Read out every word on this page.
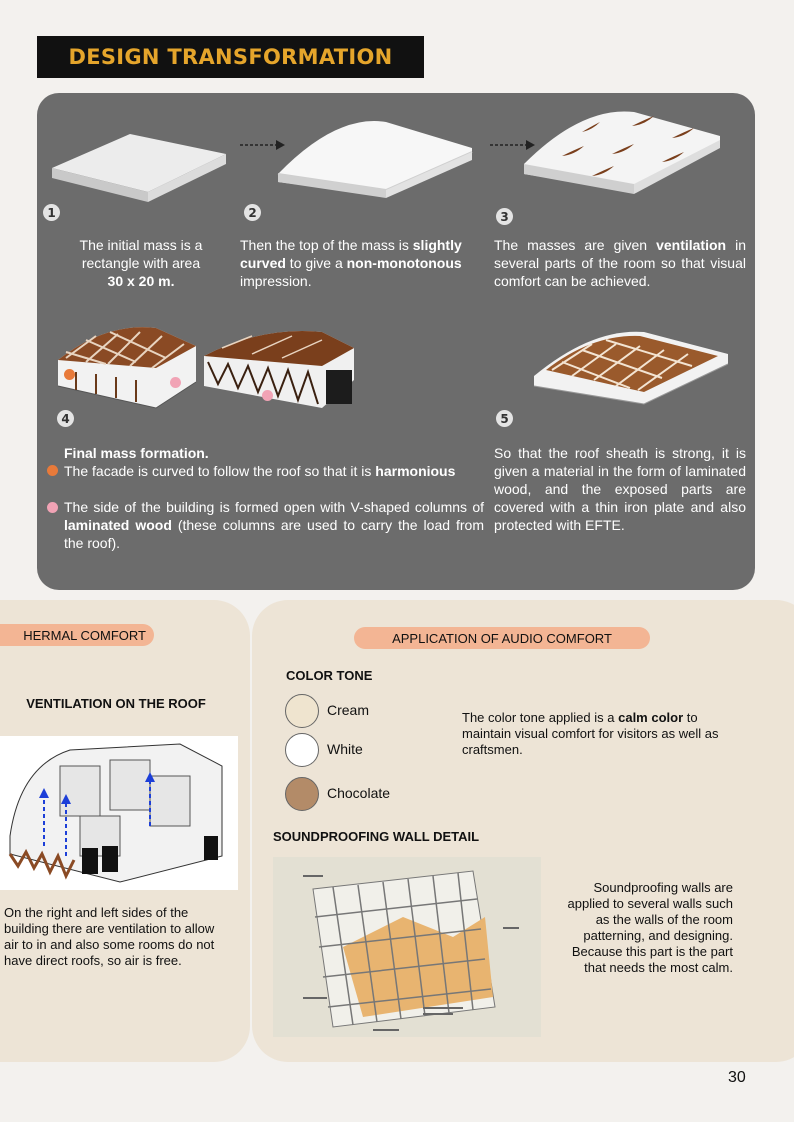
DESIGN TRANSFORMATION
1	2	3
The initial mass is a
rectangle with area
30 x 20 m.
Then the top of the mass is slightly curved to give a non-monotonous impression.
The masses are given ventilation in several parts of the room so that visual comfort can be achieved.
4	5
Final mass formation.
The facade is curved to follow the roof so that it is harmonious
The side of the building is formed open with V-shaped columns of laminated wood (these columns are used to carry the load from the roof).
So that the roof sheath is strong, it is given a material in the form of laminated wood, and the exposed parts are covered with a thin iron plate and also protected with EFTE.
HERMAL COMFORT
VENTILATION ON THE ROOF
On the right and left sides of the building there are ventilation to allow air to in and also some rooms do not have direct roofs, so air is free.
APPLICATION OF AUDIO COMFORT
COLOR TONE
Cream
White
Chocolate
The color tone applied is a calm color to maintain visual comfort for visitors as well as craftsmen.
SOUNDPROOFING WALL DETAIL
Soundproofing walls are applied to several walls such as the walls of the room patterning, and designing. Because this part is the part that needs the most calm.
30
